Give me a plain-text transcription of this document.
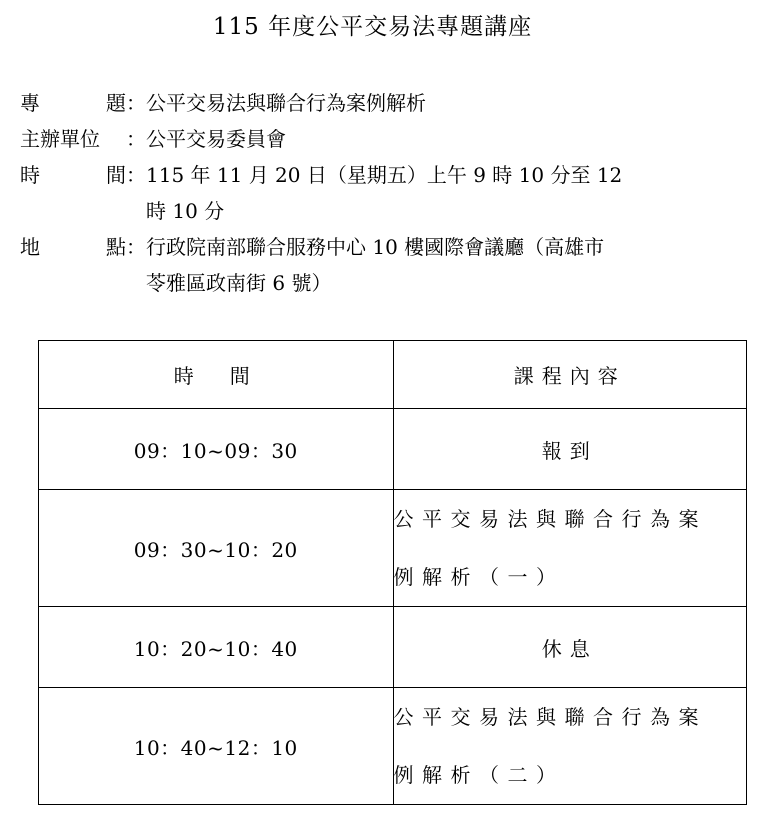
115 年度公平交易法專題講座
專	題 ： 公平交易法與聯合行為案例解析
主辦單位 ： 公平交易委員會
時	間 ： 115 年 11 月 20 日（星期五）上午 9 時 10 分至 12
時 10 分
地	點 ： 行政院南部聯合服務中心 10 樓國際會議廳（高雄市
苓雅區政南街 6 號）
時　間	課程內容
09：10~09：30	報到
09：30~10：20	公平交易法與聯合行為案
例解析（一）

10：20~10：40	休息
10：40~12：10	公平交易法與聯合行為案
例解析（二）
